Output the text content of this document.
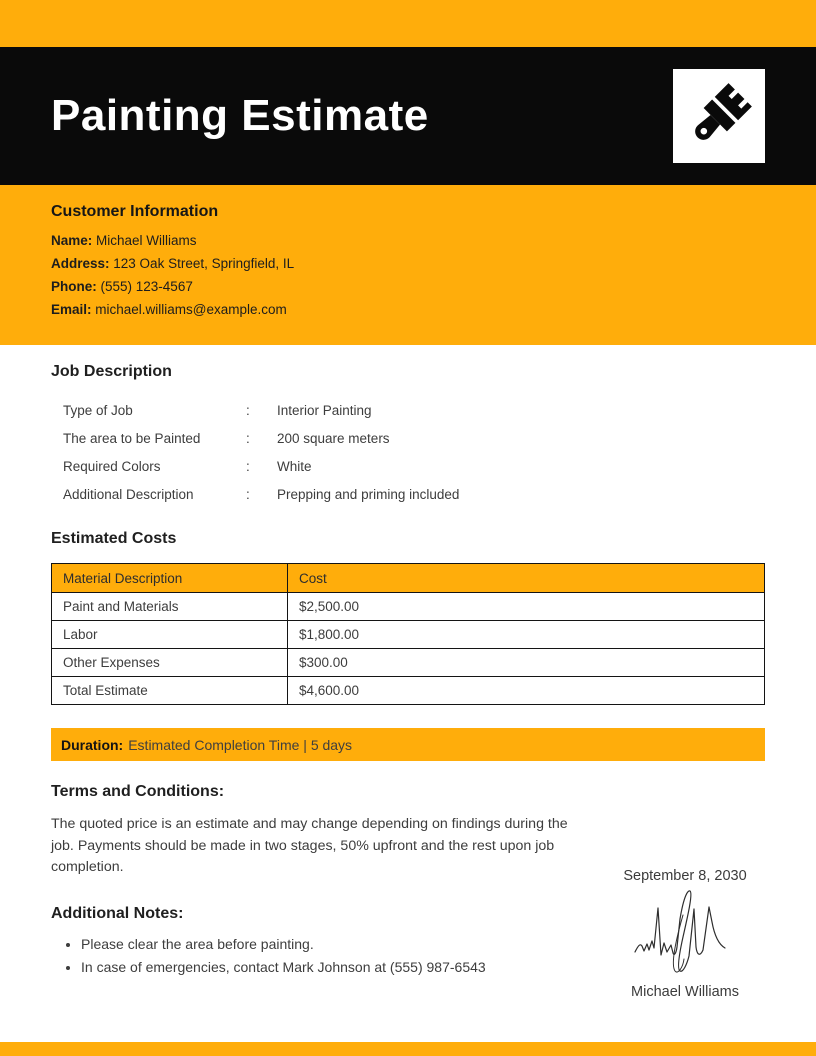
Painting Estimate
Customer Information
Name: Michael Williams
Address: 123 Oak Street, Springfield, IL
Phone: (555) 123-4567
Email: michael.williams@example.com
Job Description
Type of Job	:	Interior Painting
The area to be Painted	:	200 square meters
Required Colors	:	White
Additional Description	:	Prepping and priming included
Estimated Costs
Material Description	Cost
Paint and Materials	$2,500.00
Labor	$1,800.00
Other Expenses	$300.00
Total Estimate	$4,600.00
Duration: Estimated Completion Time | 5 days
Terms and Conditions:

The quoted price is an estimate and may change depending on findings during the job. Payments should be made in two stages, 50% upfront and the rest upon job completion.

Additional Notes:
• Please clear the area before painting.
• In case of emergencies, contact Mark Johnson at (555) 987-6543
September 8, 2030
Michael Williams
